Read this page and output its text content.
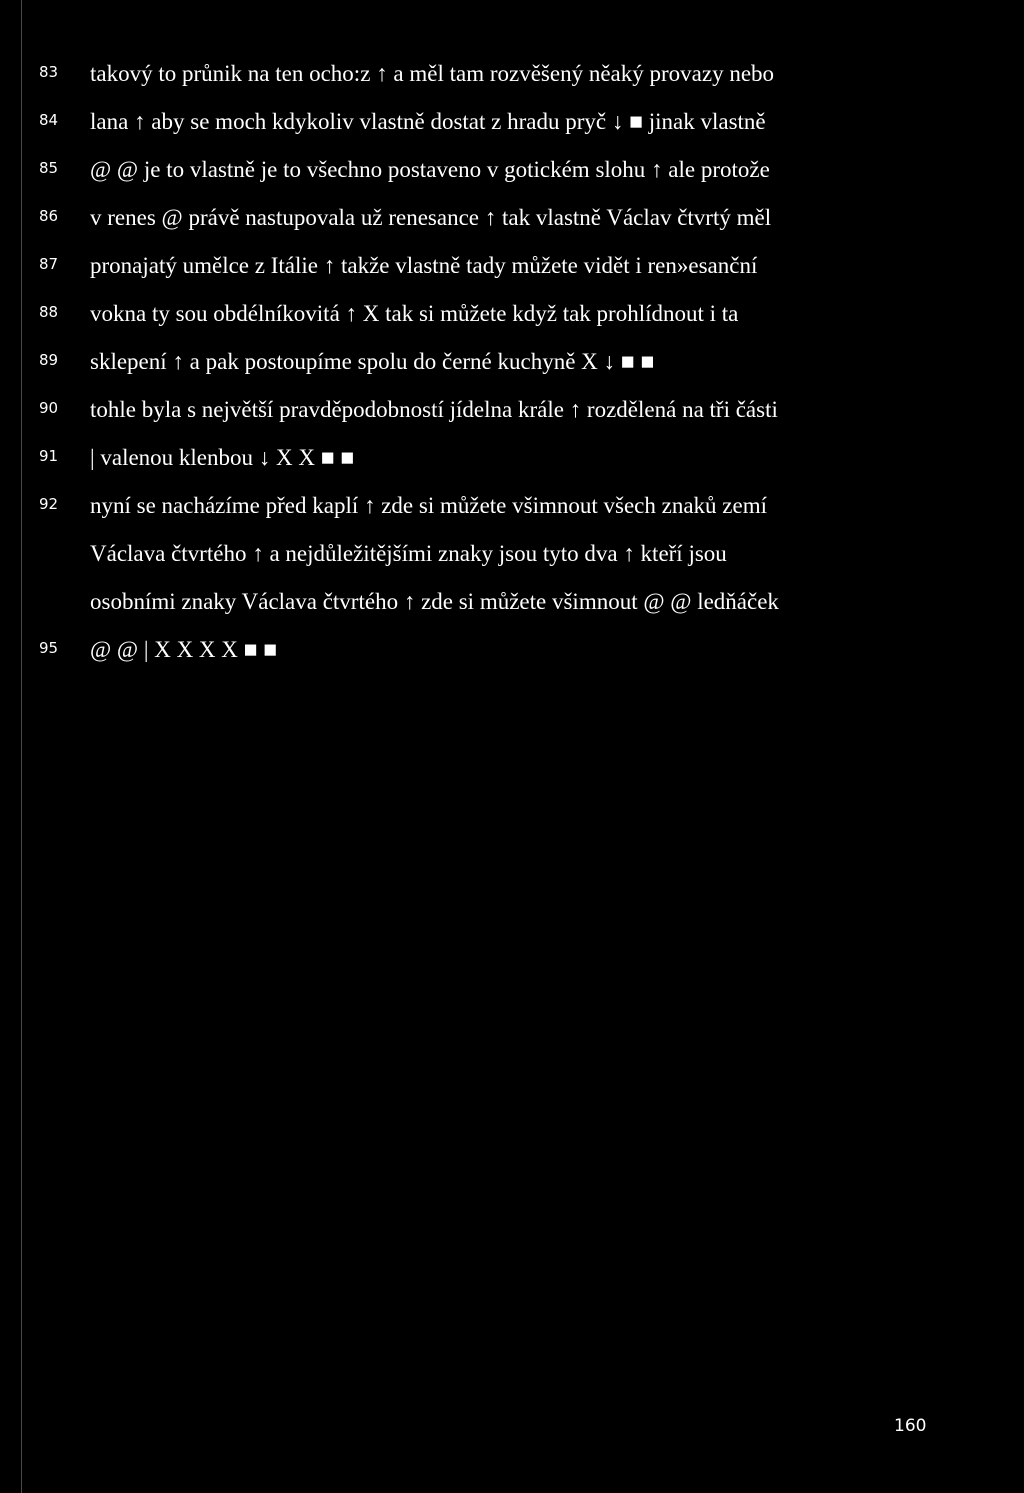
83 takový to průnik na ten ocho:z ↑ a měl tam rozvěšený něaký provazy nebo
84 lana ↑ aby se moch kdykoliv vlastně dostat z hradu pryč ↓ ■ jinak vlastně
85 @ @ je to vlastně je to všechno postaveno v gotickém slohu ↑ ale protože
86 v renes @ právě nastupovala už renesance ↑ tak vlastně Václav čtvrtý měl
87 pronajatý umělce z Itálie ↑ takže vlastně tady můžete vidět i ren»esanční
88 vokna ty sou obdélníkovitá ↑ X tak si můžete když tak prohlídnout i ta
89 sklepení ↑ a pak postoupíme spolu do černé kuchyně X ↓ ■ ■
90 tohle byla s největší pravděpodobností jídelna krále ↑ rozdělená na tři části
91 | valenou klenbou ↓ X X ■ ■
92 nyní se nacházíme před kaplí ↑ zde si můžete všimnout všech znaků zemí
Václava čtvrtého ↑ a nejdůležitějšími znaky jsou tyto dva ↑ kteří jsou
osobními znaky Václava čtvrtého ↑ zde si můžete všimnout @ @ ledňáček
95 @ @ | X X X X ■ ■
160
